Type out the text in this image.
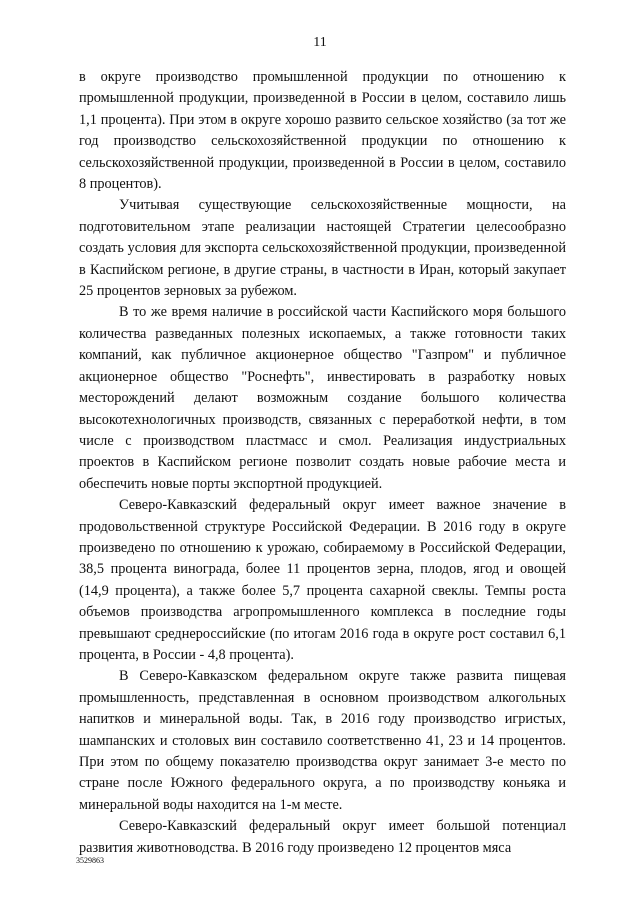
11

в округе производство промышленной продукции по отношению к промышленной продукции, произведенной в России в целом, составило лишь 1,1 процента). При этом в округе хорошо развито сельское хозяйство (за тот же год производство сельскохозяйственной продукции по отношению к сельскохозяйственной продукции, произведенной в России в целом, составило 8 процентов).

Учитывая существующие сельскохозяйственные мощности, на подготовительном этапе реализации настоящей Стратегии целесообразно создать условия для экспорта сельскохозяйственной продукции, произведенной в Каспийском регионе, в другие страны, в частности в Иран, который закупает 25 процентов зерновых за рубежом.

В то же время наличие в российской части Каспийского моря большого количества разведанных полезных ископаемых, а также готовности таких компаний, как публичное акционерное общество "Газпром" и публичное акционерное общество "Роснефть", инвестировать в разработку новых месторождений делают возможным создание большого количества высокотехнологичных производств, связанных с переработкой нефти, в том числе с производством пластмасс и смол. Реализация индустриальных проектов в Каспийском регионе позволит создать новые рабочие места и обеспечить новые порты экспортной продукцией.

Северо-Кавказский федеральный округ имеет важное значение в продовольственной структуре Российской Федерации. В 2016 году в округе произведено по отношению к урожаю, собираемому в Российской Федерации, 38,5 процента винограда, более 11 процентов зерна, плодов, ягод и овощей (14,9 процента), а также более 5,7 процента сахарной свеклы. Темпы роста объемов производства агропромышленного комплекса в последние годы превышают среднероссийские (по итогам 2016 года в округе рост составил 6,1 процента, в России - 4,8 процента).

В Северо-Кавказском федеральном округе также развита пищевая промышленность, представленная в основном производством алкогольных напитков и минеральной воды. Так, в 2016 году производство игристых, шампанских и столовых вин составило соответственно 41, 23 и 14 процентов. При этом по общему показателю производства округ занимает 3-е место по стране после Южного федерального округа, а по производству коньяка и минеральной воды находится на 1-м месте.

Северо-Кавказский федеральный округ имеет большой потенциал развития животноводства. В 2016 году произведено 12 процентов мяса

3529863
